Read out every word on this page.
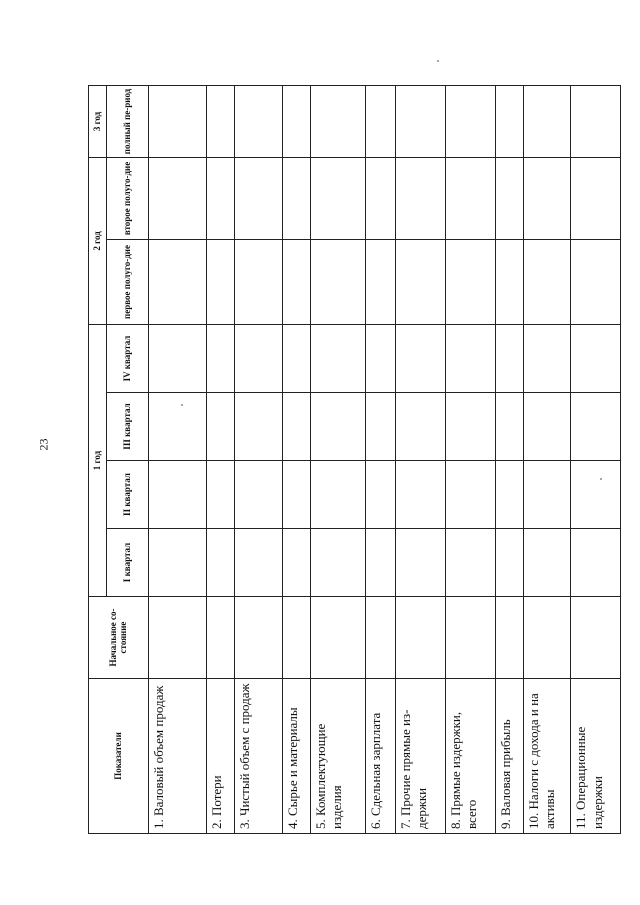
23
Показатели	Начальное со-стояние	1 год				2 год		3 год
		I квартал	II квартал	III квартал	IV квартал	первое полуго-дие	второе полуго-дие	полный пе-риод
1. Валовый объем продаж								
2. Потери								
3. Чистый объем с продаж								
4. Сырье и материалы								
5. Комплектующие изделия								
6. Сдельная зарплата								
7. Прочие прямые из-держки								
8. Прямые издержки, всего								
9. Валовая прибыль								
10. Налоги с дохода и на активы								
11. Операционные издержки								
